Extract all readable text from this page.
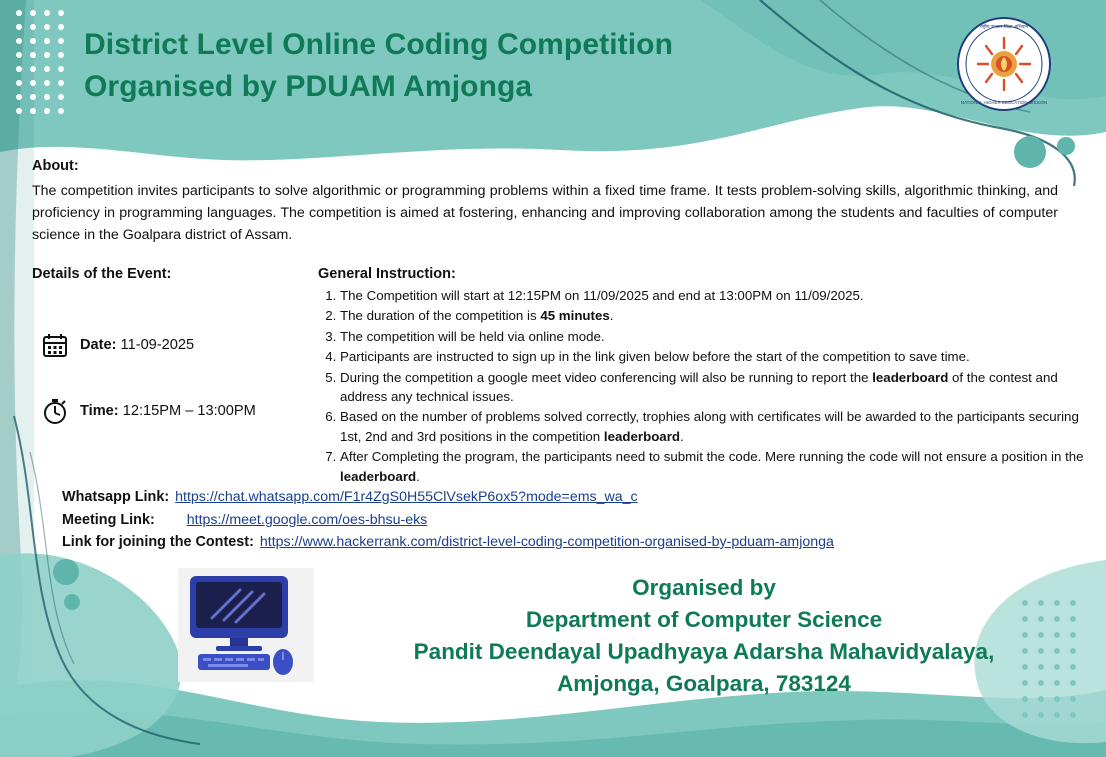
District Level Online Coding Competition
Organised by PDUAM Amjonga
राष्ट्रीय उच्चतर शिक्षा अभियान
NATIONAL HIGHER EDUCATION MISSION
About:
The competition invites participants to solve algorithmic or programming problems within a fixed time frame. It tests problem-solving skills, algorithmic thinking, and proficiency in programming languages. The competition is aimed at fostering, enhancing and improving collaboration among the students and faculties of computer science in the Goalpara district of Assam.
Details of the Event:
Date: 11-09-2025
Time: 12:15PM – 13:00PM
General Instruction:
1. The Competition will start at 12:15PM on 11/09/2025 and end at 13:00PM on 11/09/2025.
2. The duration of the competition is 45 minutes.
3. The competition will be held via online mode.
4. Participants are instructed to sign up in the link given below before the start of the competition to save time.
5. During the competition a google meet video conferencing will also be running to report the leaderboard of the contest and address any technical issues.
6. Based on the number of problems solved correctly, trophies along with certificates will be awarded to the participants securing 1st, 2nd and 3rd positions in the competition leaderboard.
7. After Completing the program, the participants need to submit the code. Mere running the code will not ensure a position in the leaderboard.
Whatsapp Link: https://chat.whatsapp.com/F1r4ZgS0H55ClVsekP6ox5?mode=ems_wa_c
Meeting Link: https://meet.google.com/oes-bhsu-eks
Link for joining the Contest: https://www.hackerrank.com/district-level-coding-competition-organised-by-pduam-amjonga
Organised by
Department of Computer Science
Pandit Deendayal Upadhyaya Adarsha Mahavidyalaya,
Amjonga, Goalpara, 783124
